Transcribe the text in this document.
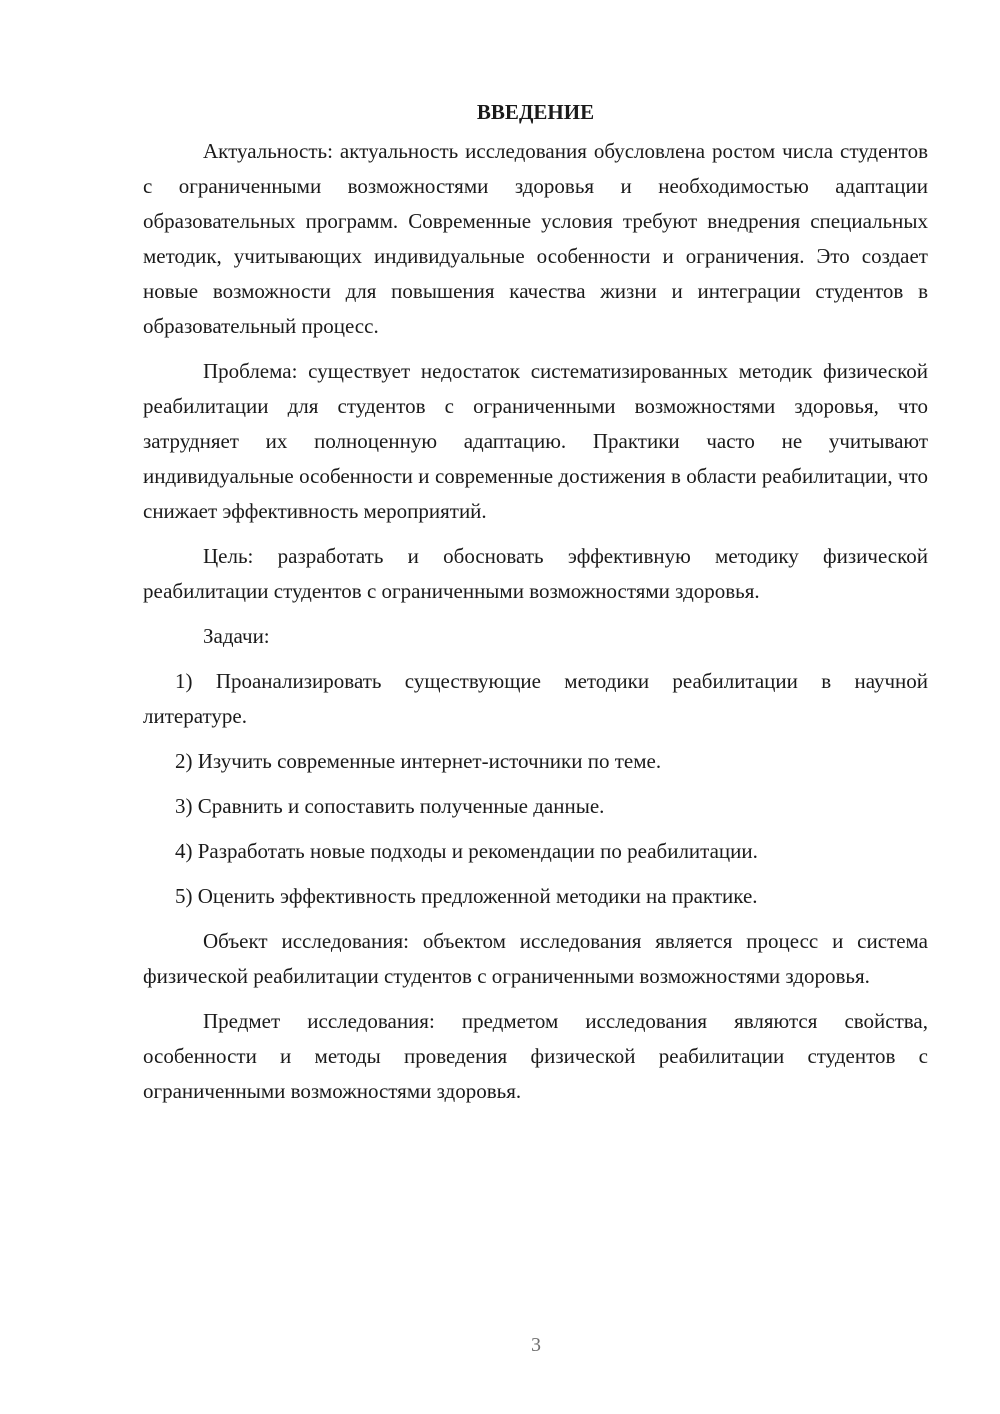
ВВЕДЕНИЕ

Актуальность: актуальность исследования обусловлена ростом числа студентов с ограниченными возможностями здоровья и необходимостью адаптации образовательных программ. Современные условия требуют внедрения специальных методик, учитывающих индивидуальные особенности и ограничения. Это создает новые возможности для повышения качества жизни и интеграции студентов в образовательный процесс.

Проблема: существует недостаток систематизированных методик физической реабилитации для студентов с ограниченными возможностями здоровья, что затрудняет их полноценную адаптацию. Практики часто не учитывают индивидуальные особенности и современные достижения в области реабилитации, что снижает эффективность мероприятий.

Цель: разработать и обосновать эффективную методику физической реабилитации студентов с ограниченными возможностями здоровья.

Задачи:

1) Проанализировать существующие методики реабилитации в научной литературе.

2) Изучить современные интернет-источники по теме.

3) Сравнить и сопоставить полученные данные.

4) Разработать новые подходы и рекомендации по реабилитации.

5) Оценить эффективность предложенной методики на практике.

Объект исследования: объектом исследования является процесс и система физической реабилитации студентов с ограниченными возможностями здоровья.

Предмет исследования: предметом исследования являются свойства, особенности и методы проведения физической реабилитации студентов с ограниченными возможностями здоровья.

3
